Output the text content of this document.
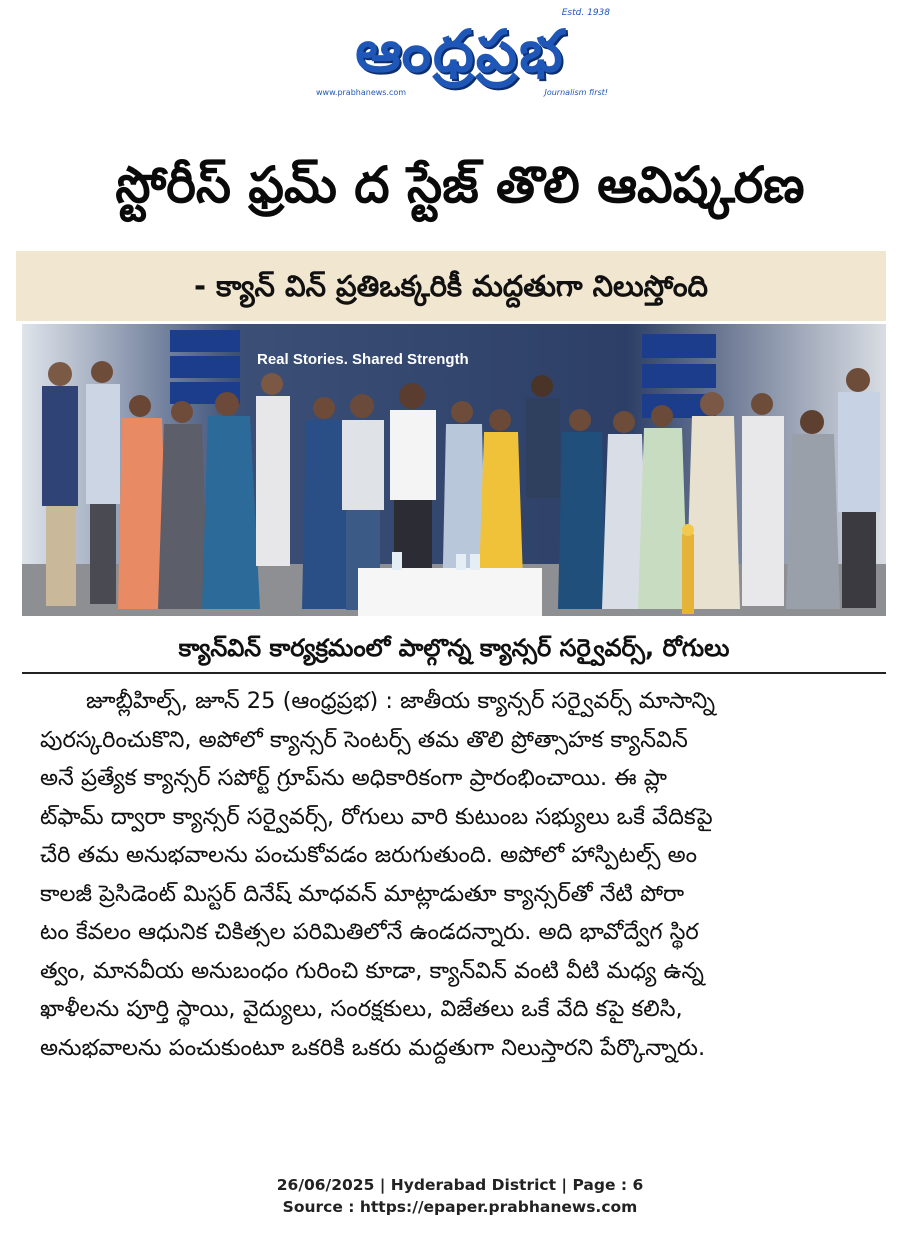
ఆంధ్రప్రభ
Estd. 1938
www.prabhanews.com	Journalism first!
స్టోరీస్ ఫ్రమ్ ద స్టేజ్ తొలి ఆవిష్కరణ
- క్యాన్ విన్ ప్రతిఒక్కరికీ మద్దతుగా నిలుస్తోంది
Real Stories. Shared Strength
క్యాన్‌విన్ కార్యక్రమంలో పాల్గొన్న క్యాన్సర్ సర్వైవర్స్, రోగులు
జూబ్లీహిల్స్, జూన్ 25 (ఆంధ్రప్రభ) : జాతీయ క్యాన్సర్ సర్వైవర్స్ మాసాన్ని
పురస్కరించుకొని, అపోలో క్యాన్సర్ సెంటర్స్ తమ తొలి ప్రోత్సాహక క్యాన్‌విన్
అనే ప్రత్యేక క్యాన్సర్ సపోర్ట్ గ్రూప్‌ను అధికారికంగా ప్రారంభించాయి. ఈ ప్లా
ట్‌ఫామ్ ద్వారా క్యాన్సర్ సర్వైవర్స్, రోగులు వారి కుటుంబ సభ్యులు ఒకే వేదికపై
చేరి తమ అనుభవాలను పంచుకోవడం జరుగుతుంది. అపోలో హాస్పిటల్స్ అం
కాలజీ ప్రెసిడెంట్ మిస్టర్ దినేష్ మాధవన్ మాట్లాడుతూ క్యాన్సర్‌తో నేటి పోరా
టం కేవలం ఆధునిక చికిత్సల పరిమితిలోనే ఉండదన్నారు. అది భావోద్వేగ స్థిర
త్వం, మానవీయ అనుబంధం గురించి కూడా, క్యాన్‌విన్ వంటి వీటి మధ్య ఉన్న
ఖాళీలను పూర్తి స్థాయి, వైద్యులు, సంరక్షకులు, విజేతలు ఒకే వేది కపై కలిసి,
అనుభవాలను పంచుకుంటూ ఒకరికి ఒకరు మద్దతుగా నిలుస్తారని పేర్కొన్నారు.
26/06/2025 | Hyderabad District | Page : 6
Source : https://epaper.prabhanews.com
